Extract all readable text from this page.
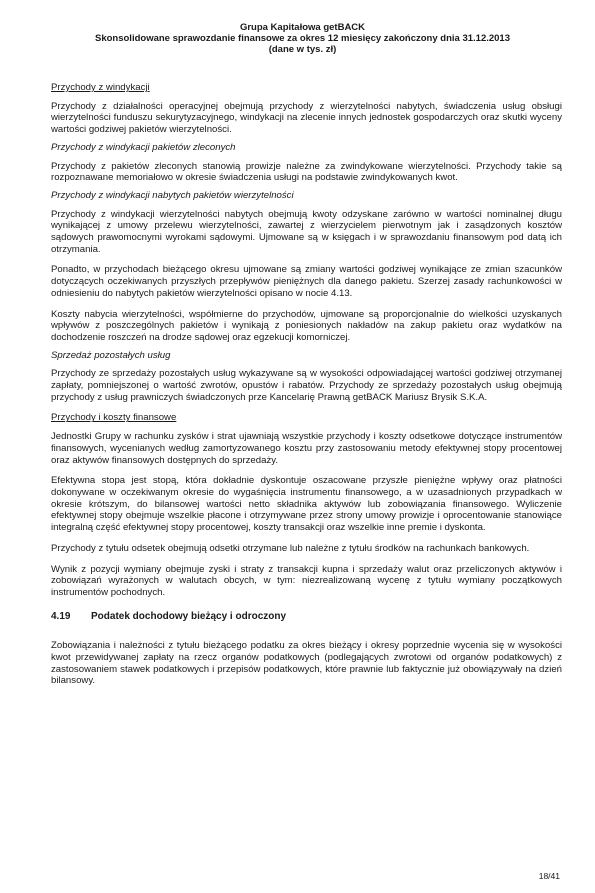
Grupa Kapitałowa getBACK
Skonsolidowane sprawozdanie finansowe za okres 12 miesięcy zakończony dnia 31.12.2013
(dane w tys. zł)
Przychody z windykacji

Przychody z działalności operacyjnej obejmują przychody z wierzytelności nabytych, świadczenia usług obsługi wierzytelności funduszu sekurytyzacyjnego, windykacji na zlecenie innych jednostek gospodarczych oraz skutki wyceny wartości godziwej pakietów wierzytelności.

Przychody z windykacji pakietów zleconych

Przychody z pakietów zleconych stanowią prowizje należne za zwindykowane wierzytelności. Przychody takie są rozpoznawane memoriałowo w okresie świadczenia usługi na podstawie zwindykowanych kwot.

Przychody z windykacji nabytych pakietów wierzytelności

Przychody z windykacji wierzytelności nabytych obejmują kwoty odzyskane zarówno w wartości nominalnej długu wynikającej z umowy przelewu wierzytelności, zawartej z wierzycielem pierwotnym jak i zasądzonych kosztów sądowych prawomocnymi wyrokami sądowymi. Ujmowane są w księgach i w sprawozdaniu finansowym pod datą ich otrzymania.

Ponadto, w przychodach bieżącego okresu ujmowane są zmiany wartości godziwej wynikające ze zmian szacunków dotyczących oczekiwanych przyszłych przepływów pieniężnych dla danego pakietu. Szerzej zasady rachunkowości w odniesieniu do nabytych pakietów wierzytelności opisano w nocie 4.13.

Koszty nabycia wierzytelności, współmierne do przychodów, ujmowane są proporcjonalnie do wielkości uzyskanych wpływów z poszczególnych pakietów i wynikają z poniesionych nakładów na zakup pakietu oraz wydatków na dochodzenie roszczeń na drodze sądowej oraz egzekucji komorniczej.

Sprzedaż pozostałych usług

Przychody ze sprzedaży pozostałych usług wykazywane są w wysokości odpowiadającej wartości godziwej otrzymanej zapłaty, pomniejszonej o wartość zwrotów, opustów i rabatów. Przychody ze sprzedaży pozostałych usług obejmują przychody z usług prawniczych świadczonych prze Kancelarię Prawną getBACK Mariusz Brysik S.K.A.

Przychody i koszty finansowe

Jednostki Grupy w rachunku zysków i strat ujawniają wszystkie przychody i koszty odsetkowe dotyczące instrumentów finansowych, wycenianych według zamortyzowanego kosztu przy zastosowaniu metody efektywnej stopy procentowej oraz aktywów finansowych dostępnych do sprzedaży.

Efektywna stopa jest stopą, która dokładnie dyskontuje oszacowane przyszłe pieniężne wpływy oraz płatności dokonywane w oczekiwanym okresie do wygaśnięcia instrumentu finansowego, a w uzasadnionych przypadkach w okresie krótszym, do bilansowej wartości netto składnika aktywów lub zobowiązania finansowego. Wyliczenie efektywnej stopy obejmuje wszelkie płacone i otrzymywane przez strony umowy prowizje i oprocentowanie stanowiące integralną część efektywnej stopy procentowej, koszty transakcji oraz wszelkie inne premie i dyskonta.

Przychody z tytułu odsetek obejmują odsetki otrzymane lub należne z tytułu środków na rachunkach bankowych.

Wynik z pozycji wymiany obejmuje zyski i straty z transakcji kupna i sprzedaży walut oraz przeliczonych aktywów i zobowiązań wyrażonych w walutach obcych, w tym: niezrealizowaną wycenę z tytułu wymiany początkowych instrumentów pochodnych.

4.19 Podatek dochodowy bieżący i odroczony

Zobowiązania i należności z tytułu bieżącego podatku za okres bieżący i okresy poprzednie wycenia się w wysokości kwot przewidywanej zapłaty na rzecz organów podatkowych (podlegających zwrotowi od organów podatkowych) z zastosowaniem stawek podatkowych i przepisów podatkowych, które prawnie lub faktycznie już obowiązywały na dzień bilansowy.

18/41
